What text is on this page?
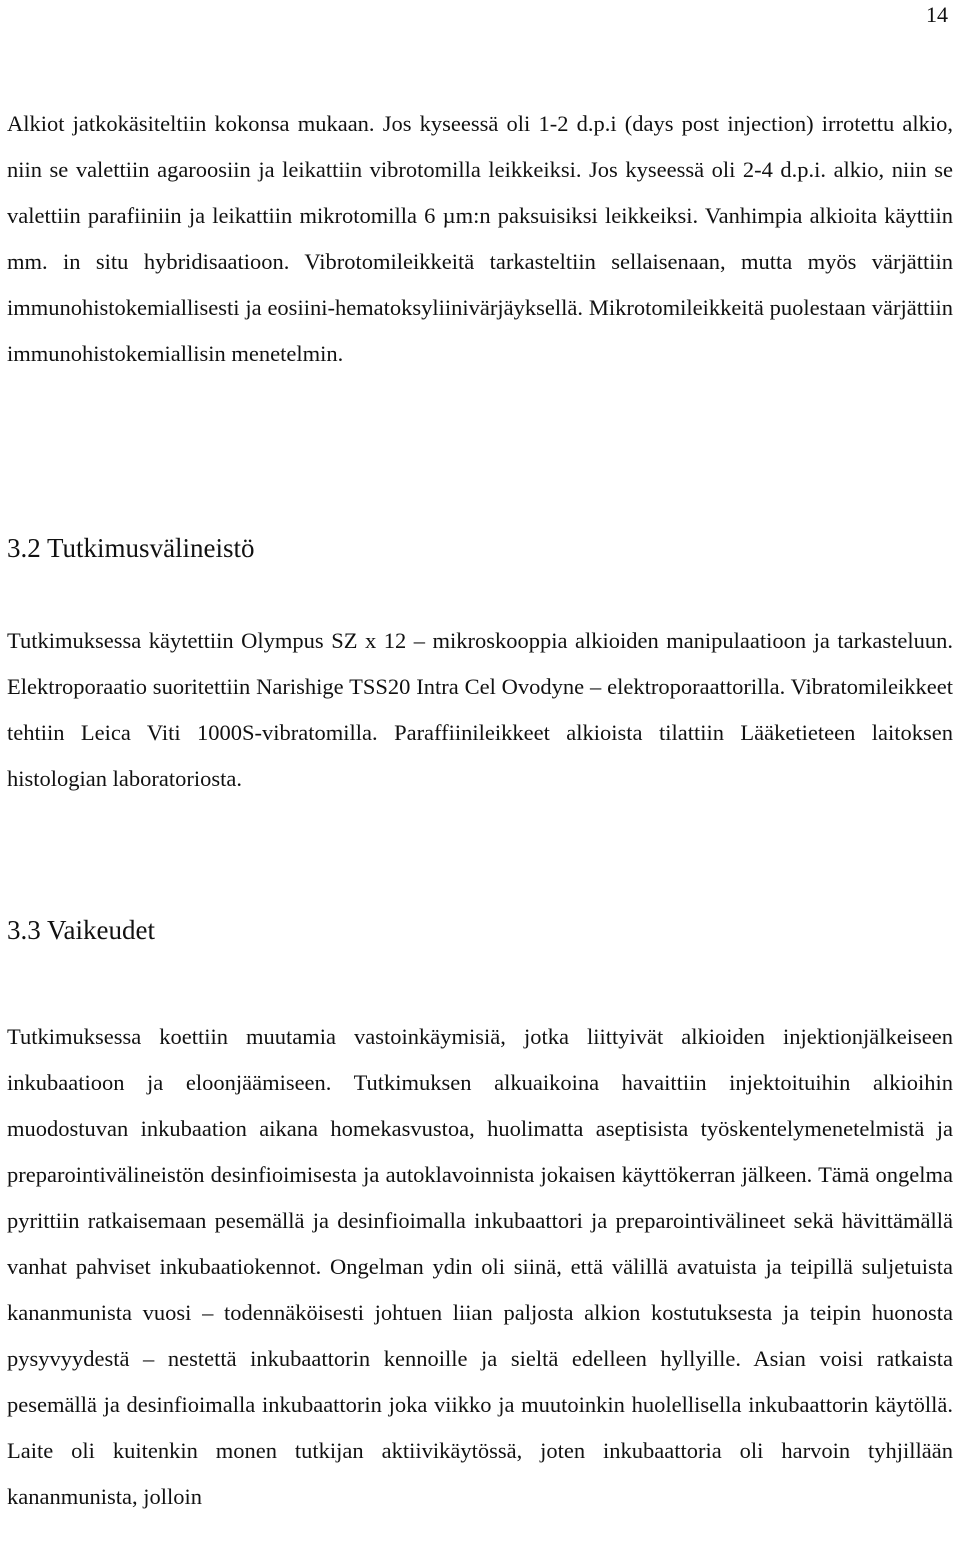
14

Alkiot jatkokäsiteltiin kokonsa mukaan. Jos kyseessä oli 1-2 d.p.i (days post injection) irrotettu alkio, niin se valettiin agaroosiin ja leikattiin vibrotomilla leikkeiksi. Jos kyseessä oli 2-4 d.p.i. alkio, niin se valettiin parafiiniin ja leikattiin mikrotomilla 6 µm:n paksuisiksi leikkeiksi. Vanhimpia alkioita käyttiin mm. in situ hybridisaatioon. Vibrotomileikkeitä tarkasteltiin sellaisenaan, mutta myös värjättiin immunohistokemiallisesti ja eosiini-hematoksyliinivärjäyksellä. Mikrotomileikkeitä puolestaan värjättiin immunohistokemiallisin menetelmin.

3.2 Tutkimusvälineistö

Tutkimuksessa käytettiin Olympus SZ x 12 – mikroskooppia alkioiden manipulaatioon ja tarkasteluun. Elektroporaatio suoritettiin Narishige TSS20 Intra Cel Ovodyne – elektroporaattorilla. Vibratomileikkeet tehtiin Leica Viti 1000S-vibratomilla. Paraffiinileikkeet alkioista tilattiin Lääketieteen laitoksen histologian laboratoriosta.

3.3 Vaikeudet

Tutkimuksessa koettiin muutamia vastoinkäymisiä, jotka liittyivät alkioiden injektionjälkeiseen inkubaatioon ja eloonjäämiseen. Tutkimuksen alkuaikoina havaittiin injektoituihin alkioihin muodostuvan inkubaation aikana homekasvustoa, huolimatta aseptisista työskentelymenetelmistä ja preparointivälineistön desinfioimisesta ja autoklavoinnista jokaisen käyttökerran jälkeen. Tämä ongelma pyrittiin ratkaisemaan pesemällä ja desinfioimalla inkubaattori ja preparointivälineet sekä hävittämällä vanhat pahviset inkubaatiokennot. Ongelman ydin oli siinä, että välillä avatuista ja teipillä suljetuista kananmunista vuosi – todennäköisesti johtuen liian paljosta alkion kostutuksesta ja teipin huonosta pysyvyydestä – nestettä inkubaattorin kennoille ja sieltä edelleen hyllyille. Asian voisi ratkaista pesemällä ja desinfioimalla inkubaattorin joka viikko ja muutoinkin huolellisella inkubaattorin käytöllä. Laite oli kuitenkin monen tutkijan aktiivikäytössä, joten inkubaattoria oli harvoin tyhjillään kananmunista, jolloin
